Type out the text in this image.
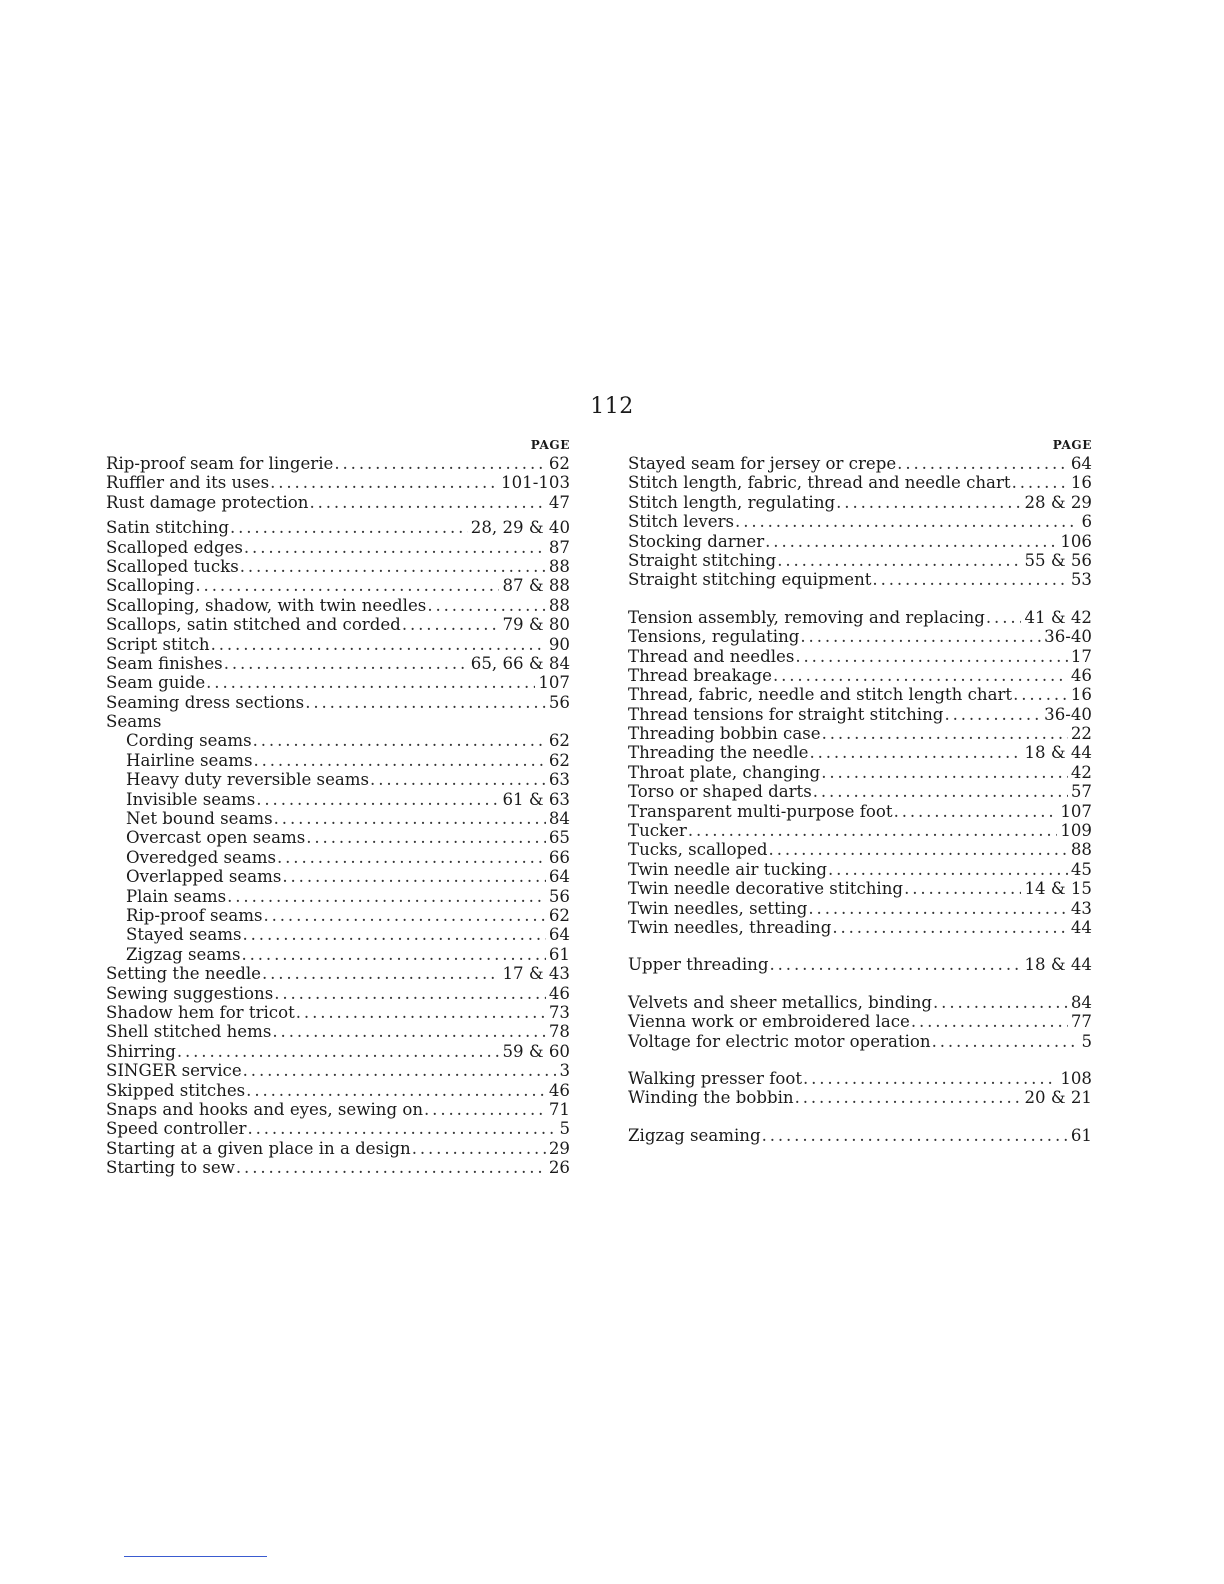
112
PAGE
Rip-proof seam for lingerie . . .	62
Ruffler and its uses . . .	101-103
Rust damage protection . . .	47
Satin stitching . . .	28, 29 & 40
Scalloped edges . . .	87
Scalloped tucks . . .	88
Scalloping . . .	87 & 88
Scalloping, shadow, with twin needles . . .	88
Scallops, satin stitched and corded . . .	79 & 80
Script stitch . . .	90
Seam finishes . . .	65, 66 & 84
Seam guide . . .	107
Seaming dress sections . . .	56
Seams
Cording seams . . .	62
Hairline seams . . .	62
Heavy duty reversible seams . . .	63
Invisible seams . . .	61 & 63
Net bound seams . . .	84
Overcast open seams . . .	65
Overedged seams . . .	66
Overlapped seams . . .	64
Plain seams . . .	56
Rip-proof seams . . .	62
Stayed seams . . .	64
Zigzag seams . . .	61
Setting the needle . . .	17 & 43
Sewing suggestions . . .	46
Shadow hem for tricot . . .	73
Shell stitched hems . . .	78
Shirring . . .	59 & 60
SINGER service . . .	3
Skipped stitches . . .	46
Snaps and hooks and eyes, sewing on . . .	71
Speed controller . . .	5
Starting at a given place in a design . . .	29
Starting to sew . . .	26
PAGE
Stayed seam for jersey or crepe . . .	64
Stitch length, fabric, thread and needle chart . . .	16
Stitch length, regulating . . .	28 & 29
Stitch levers . . .	6
Stocking darner . . .	106
Straight stitching . . .	55 & 56
Straight stitching equipment . . .	53
Tension assembly, removing and replacing . . . 41 & 42
Tensions, regulating . . .	36-40
Thread and needles . . .	17
Thread breakage . . .	46
Thread, fabric, needle and stitch length chart . . .	16
Thread tensions for straight stitching . . .	36-40
Threading bobbin case . . .	22
Threading the needle . . .	18 & 44
Throat plate, changing . . .	42
Torso or shaped darts . . .	57
Transparent multi-purpose foot . . .	107
Tucker . . .	109
Tucks, scalloped . . .	88
Twin needle air tucking . . .	45
Twin needle decorative stitching . . .	14 & 15
Twin needles, setting . . .	43
Twin needles, threading . . .	44
Upper threading . . .	18 & 44
Velvets and sheer metallics, binding . . .	84
Vienna work or embroidered lace . . .	77
Voltage for electric motor operation . . .	5
Walking presser foot . . .	108
Winding the bobbin . . .	20 & 21
Zigzag seaming . . .	61
